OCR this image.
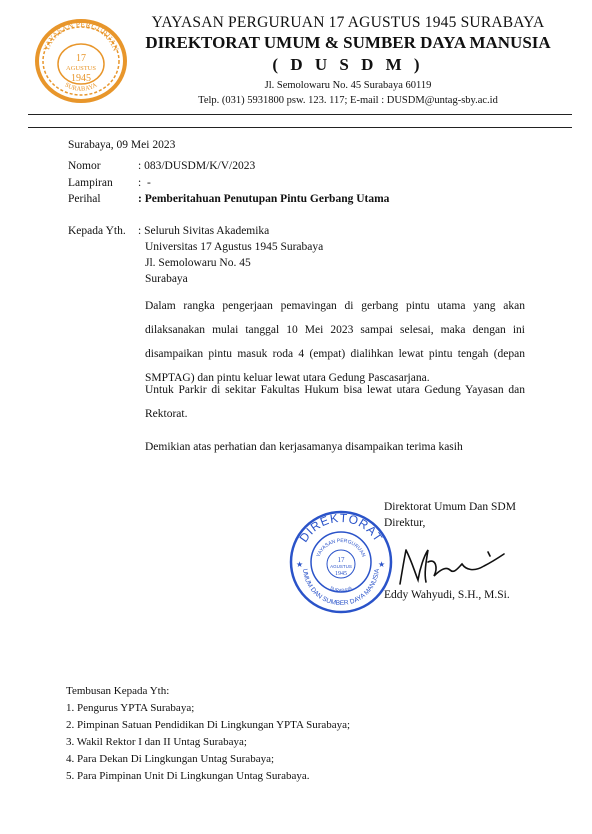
YAYASAN PERGURUAN
17
AGUSTUS
1945
SURABAYA
YAYASAN PERGURUAN 17 AGUSTUS 1945 SURABAYA
DIREKTORAT UMUM & SUMBER DAYA MANUSIA
( D U S D M )
Jl. Semolowaru No. 45 Surabaya 60119
Telp. (031) 5931800 psw. 123. 117; E-mail : DUSDM@untag-sby.ac.id
Surabaya, 09 Mei 2023
Nomor	: 083/DUSDM/K/V/2023
Lampiran :  -
Perihal	: Pemberitahuan Penutupan Pintu Gerbang Utama
Kepada Yth. : Seluruh Sivitas Akademika
Universitas 17 Agustus 1945 Surabaya
Jl. Semolowaru No. 45
Surabaya
Dalam rangka pengerjaan pemavingan di gerbang pintu utama yang akan dilaksanakan mulai tanggal 10 Mei 2023 sampai selesai, maka dengan ini disampaikan pintu masuk roda 4 (empat) dialihkan lewat pintu tengah (depan SMPTAG) dan pintu keluar lewat utara Gedung Pascasarjana.
Untuk Parkir di sekitar Fakultas Hukum bisa lewat utara Gedung Yayasan dan Rektorat.
Demikian atas perhatian dan kerjasamanya disampaikan terima kasih
Direktorat Umum Dan SDM
Direktur,
DIREKTORAT
UMUM DAN SUMBER DAYA MANUSIA
YAYASAN PERGURUAN
17
AGUSTUS
1945
SURABAYA
★	★
Eddy Wahyudi, S.H., M.Si.
Tembusan Kepada Yth:
1. Pengurus YPTA Surabaya;
2. Pimpinan Satuan Pendidikan Di Lingkungan YPTA Surabaya;
3. Wakil Rektor I dan II Untag Surabaya;
4. Para Dekan Di Lingkungan Untag Surabaya;
5. Para Pimpinan Unit Di Lingkungan Untag Surabaya.
